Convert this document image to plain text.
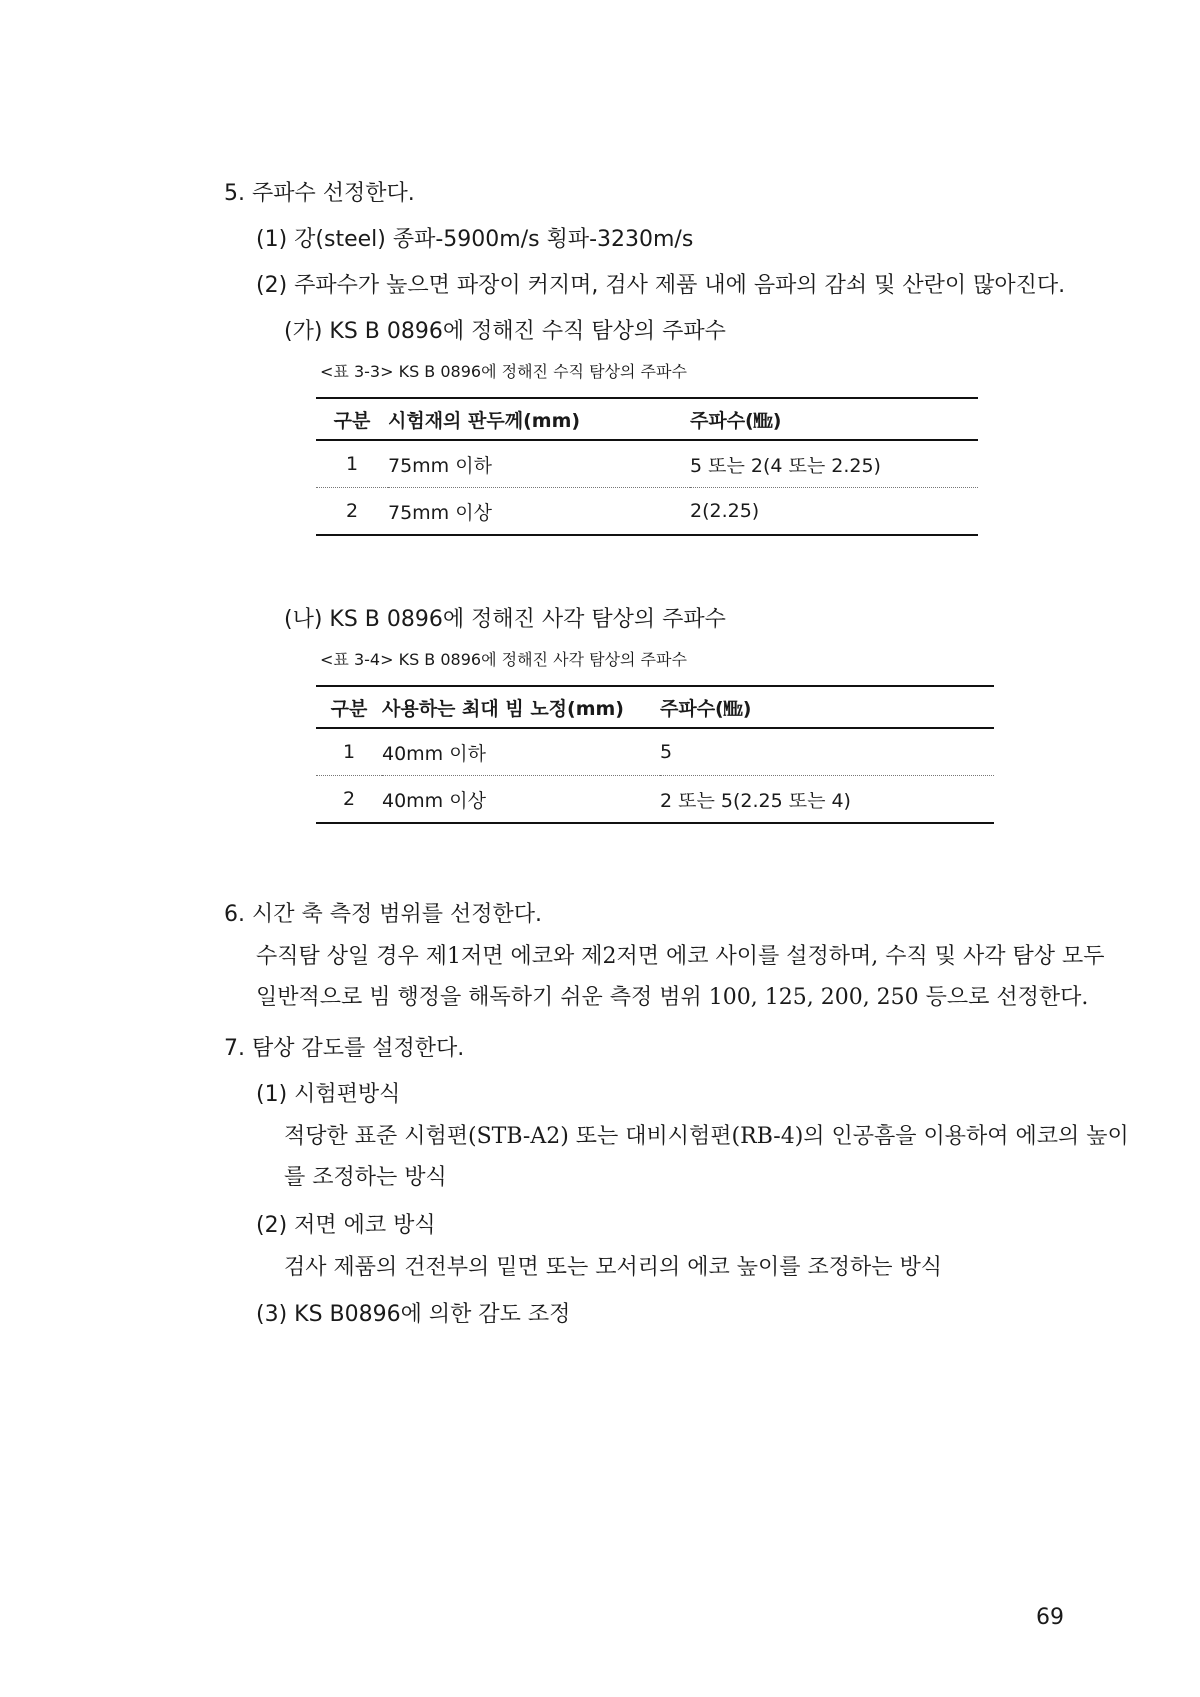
5. 주파수 선정한다.
(1) 강(steel) 종파-5900m/s 횡파-3230m/s
(2) 주파수가 높으면 파장이 커지며, 검사 제품 내에 음파의 감쇠 및 산란이 많아진다.
(가) KS B 0896에 정해진 수직 탐상의 주파수
<표 3-3> KS B 0896에 정해진 수직 탐상의 주파수
구분	시험재의 판두께(mm)	주파수(㎒)
1	75mm 이하	5 또는 2(4 또는 2.25)
2	75mm 이상	2(2.25)
(나) KS B 0896에 정해진 사각 탐상의 주파수
<표 3-4> KS B 0896에 정해진 사각 탐상의 주파수
구분	사용하는 최대 빔 노정(mm)	주파수(㎒)
1	40mm 이하	5
2	40mm 이상	2 또는 5(2.25 또는 4)
6. 시간 축 측정 범위를 선정한다.
수직탐 상일 경우 제1저면 에코와 제2저면 에코 사이를 설정하며, 수직 및 사각 탐상 모두
일반적으로 빔 행정을 해독하기 쉬운 측정 범위 100, 125, 200, 250 등으로 선정한다.
7. 탐상 감도를 설정한다.
(1) 시험편방식
적당한 표준 시험편(STB-A2) 또는 대비시험편(RB-4)의 인공흠을 이용하여 에코의 높이
를 조정하는 방식
(2) 저면 에코 방식
검사 제품의 건전부의 밑면 또는 모서리의 에코 높이를 조정하는 방식
(3) KS B0896에 의한 감도 조정
69
